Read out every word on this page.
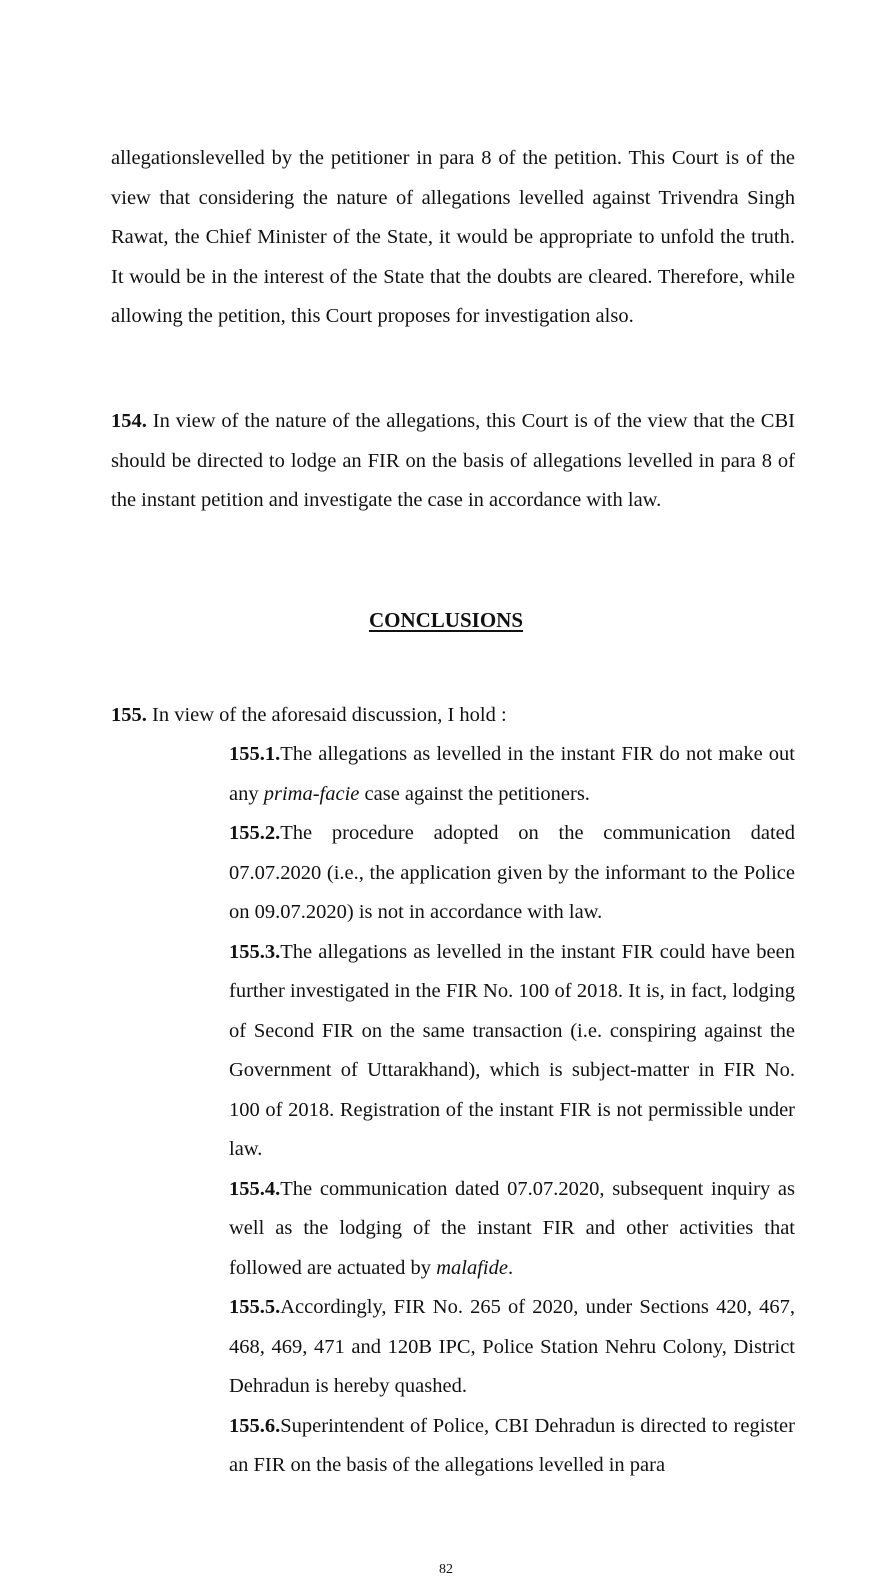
allegationslevelled by the petitioner in para 8 of the petition. This Court is of the view that considering the nature of allegations levelled against Trivendra Singh Rawat, the Chief Minister of the State, it would be appropriate to unfold the truth. It would be in the interest of the State that the doubts are cleared. Therefore, while allowing the petition, this Court proposes for investigation also.

154. In view of the nature of the allegations, this Court is of the view that the CBI should be directed to lodge an FIR on the basis of allegations levelled in para 8 of the instant petition and investigate the case in accordance with law.

CONCLUSIONS

155. In view of the aforesaid discussion, I hold :

155.1.The allegations as levelled in the instant FIR do not make out any prima-facie case against the petitioners.
155.2.The procedure adopted on the communication dated 07.07.2020 (i.e., the application given by the informant to the Police on 09.07.2020) is not in accordance with law.
155.3.The allegations as levelled in the instant FIR could have been further investigated in the FIR No. 100 of 2018. It is, in fact, lodging of Second FIR on the same transaction (i.e. conspiring against the Government of Uttarakhand), which is subject-matter in FIR No. 100 of 2018. Registration of the instant FIR is not permissible under law.
155.4.The communication dated 07.07.2020, subsequent inquiry as well as the lodging of the instant FIR and other activities that followed are actuated by malafide.
155.5.Accordingly, FIR No. 265 of 2020, under Sections 420, 467, 468, 469, 471 and 120B IPC, Police Station Nehru Colony, District Dehradun is hereby quashed.
155.6.Superintendent of Police, CBI Dehradun is directed to register an FIR on the basis of the allegations levelled in para
82
